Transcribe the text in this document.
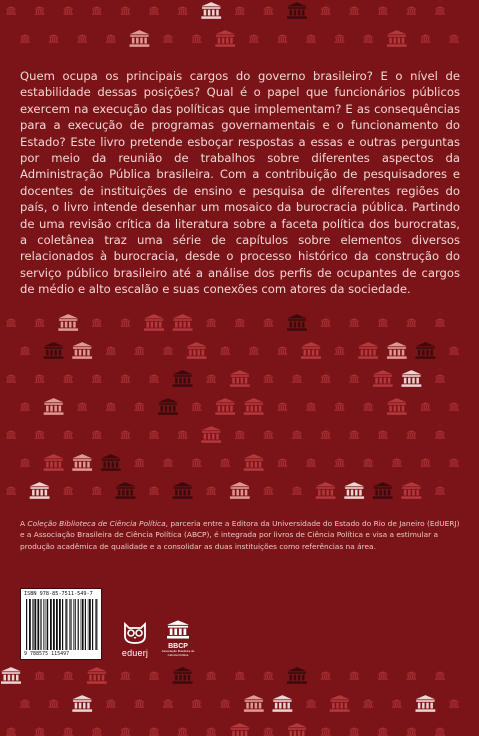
Quem ocupa os principais cargos do governo brasileiro? E o nível de estabilidade dessas posições? Qual é o papel que funcionários públicos exercem na execução das políticas que implementam? E as consequências para a execução de programas governamentais e o funcionamento do Estado? Este livro pretende esboçar respostas a essas e outras perguntas por meio da reunião de trabalhos sobre diferentes aspectos da Administração Pública brasileira. Com a contribuição de pesquisadores e docentes de instituições de ensino e pesquisa de diferentes regiões do país, o livro intende desenhar um mosaico da burocracia pública. Partindo de uma revisão crítica da literatura sobre a faceta política dos burocratas, a coletânea traz uma série de capítulos sobre elementos diversos relacionados à burocracia, desde o processo histórico da construção do serviço público brasileiro até a análise dos perfis de ocupantes de cargos de médio e alto escalão e suas conexões com atores da sociedade.

A Coleção Biblioteca de Ciência Política, parceria entre a Editora da Universidade do Estado do Rio de Janeiro (EdUERJ) e a Associação Brasileira de Ciência Política (ABCP), é integrada por livros de Ciência Política e visa a estimular a produção acadêmica de qualidade e a consolidar as duas instituições como referências na área.

ISBN 978-85-7511-549-7
9 788575 115497	eduerj
BBCP
Associação Brasileira de Ciência Política
